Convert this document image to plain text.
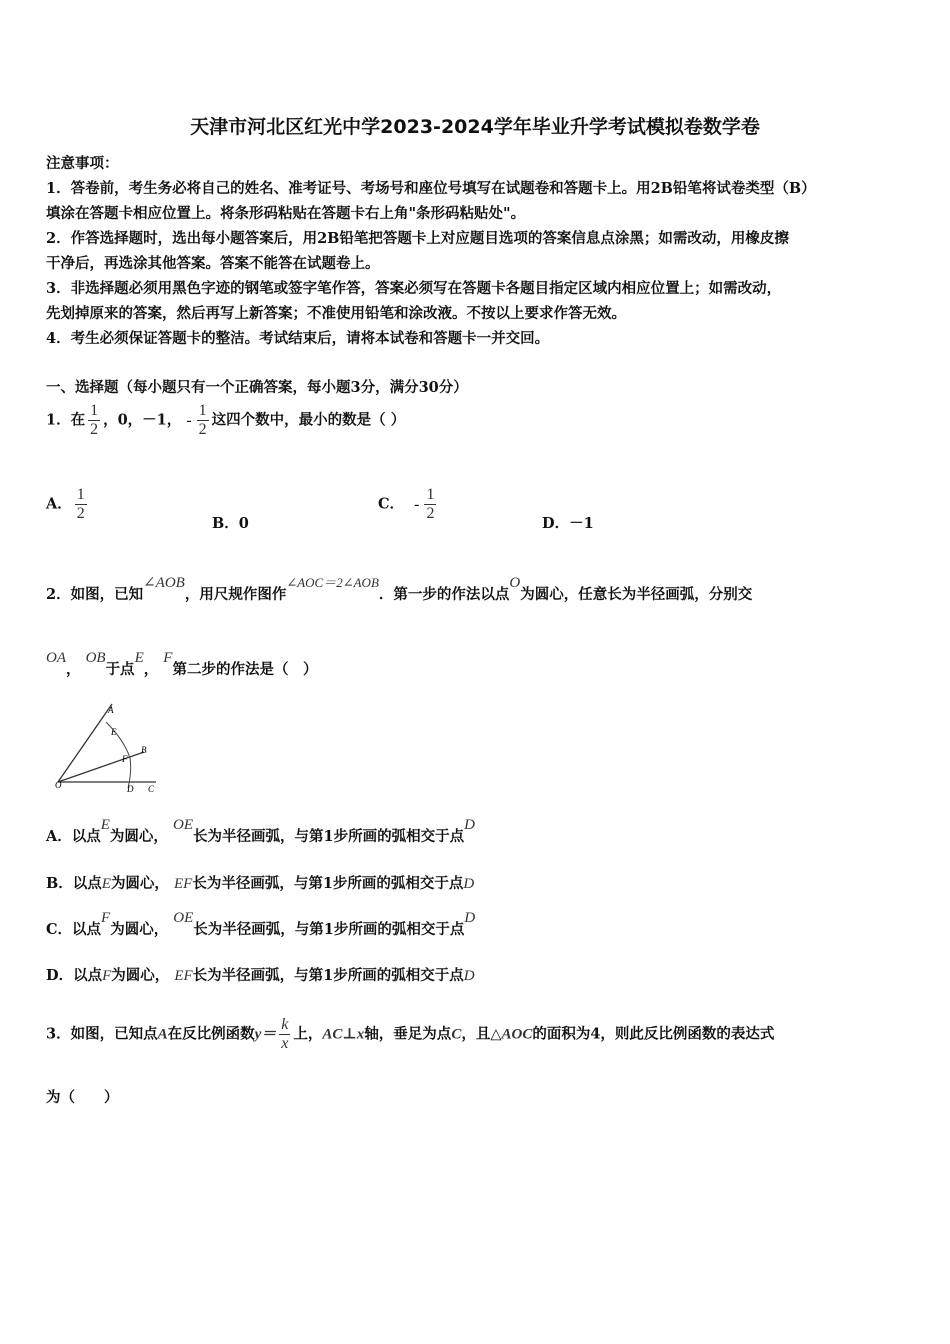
天津市河北区红光中学2023-2024学年毕业升学考试模拟卷数学卷
注意事项：
1．答卷前，考生务必将自己的姓名、准考证号、考场号和座位号填写在试题卷和答题卡上。用2B铅笔将试卷类型（B）
填涂在答题卡相应位置上。将条形码粘贴在答题卡右上角"条形码粘贴处"。
2．作答选择题时，选出每小题答案后，用2B铅笔把答题卡上对应题目选项的答案信息点涂黑；如需改动，用橡皮擦
干净后，再选涂其他答案。答案不能答在试题卷上。
3．非选择题必须用黑色字迹的钢笔或签字笔作答，答案必须写在答题卡各题目指定区域内相应位置上；如需改动，
先划掉原来的答案，然后再写上新答案；不准使用铅笔和涂改液。不按以上要求作答无效。
4．考生必须保证答题卡的整洁。考试结束后，请将本试卷和答题卡一并交回。
一、选择题（每小题只有一个正确答案，每小题3分，满分30分）
1．在 $\frac{1}{2}$ ，0，－1， - $\frac{1}{2}$ 这四个数中，最小的数是（ ）
A． $\frac{1}{2}$
B．0
C． - $\frac{1}{2}$
D．－1
2．如图，已知∠AOB，用尺规作图作∠AOC＝2∠AOB．第一步的作法以点O为圆心，任意长为半径画弧，分别交
OA， OB于点E， F第二步的作法是（　）
A
E
B
F
O	D C
A．以点E为圆心， OE长为半径画弧，与第1步所画的弧相交于点D
B．以点E为圆心， EF长为半径画弧，与第1步所画的弧相交于点D
C．以点F为圆心， OE长为半径画弧，与第1步所画的弧相交于点D
D．以点F为圆心， EF长为半径画弧，与第1步所画的弧相交于点D
3．如图，已知点A在反比例函数$y= \frac{k}{x}$ 上，AC⊥x轴，垂足为点C，且△AOC的面积为4，则此反比例函数的表达式
为（　　）
